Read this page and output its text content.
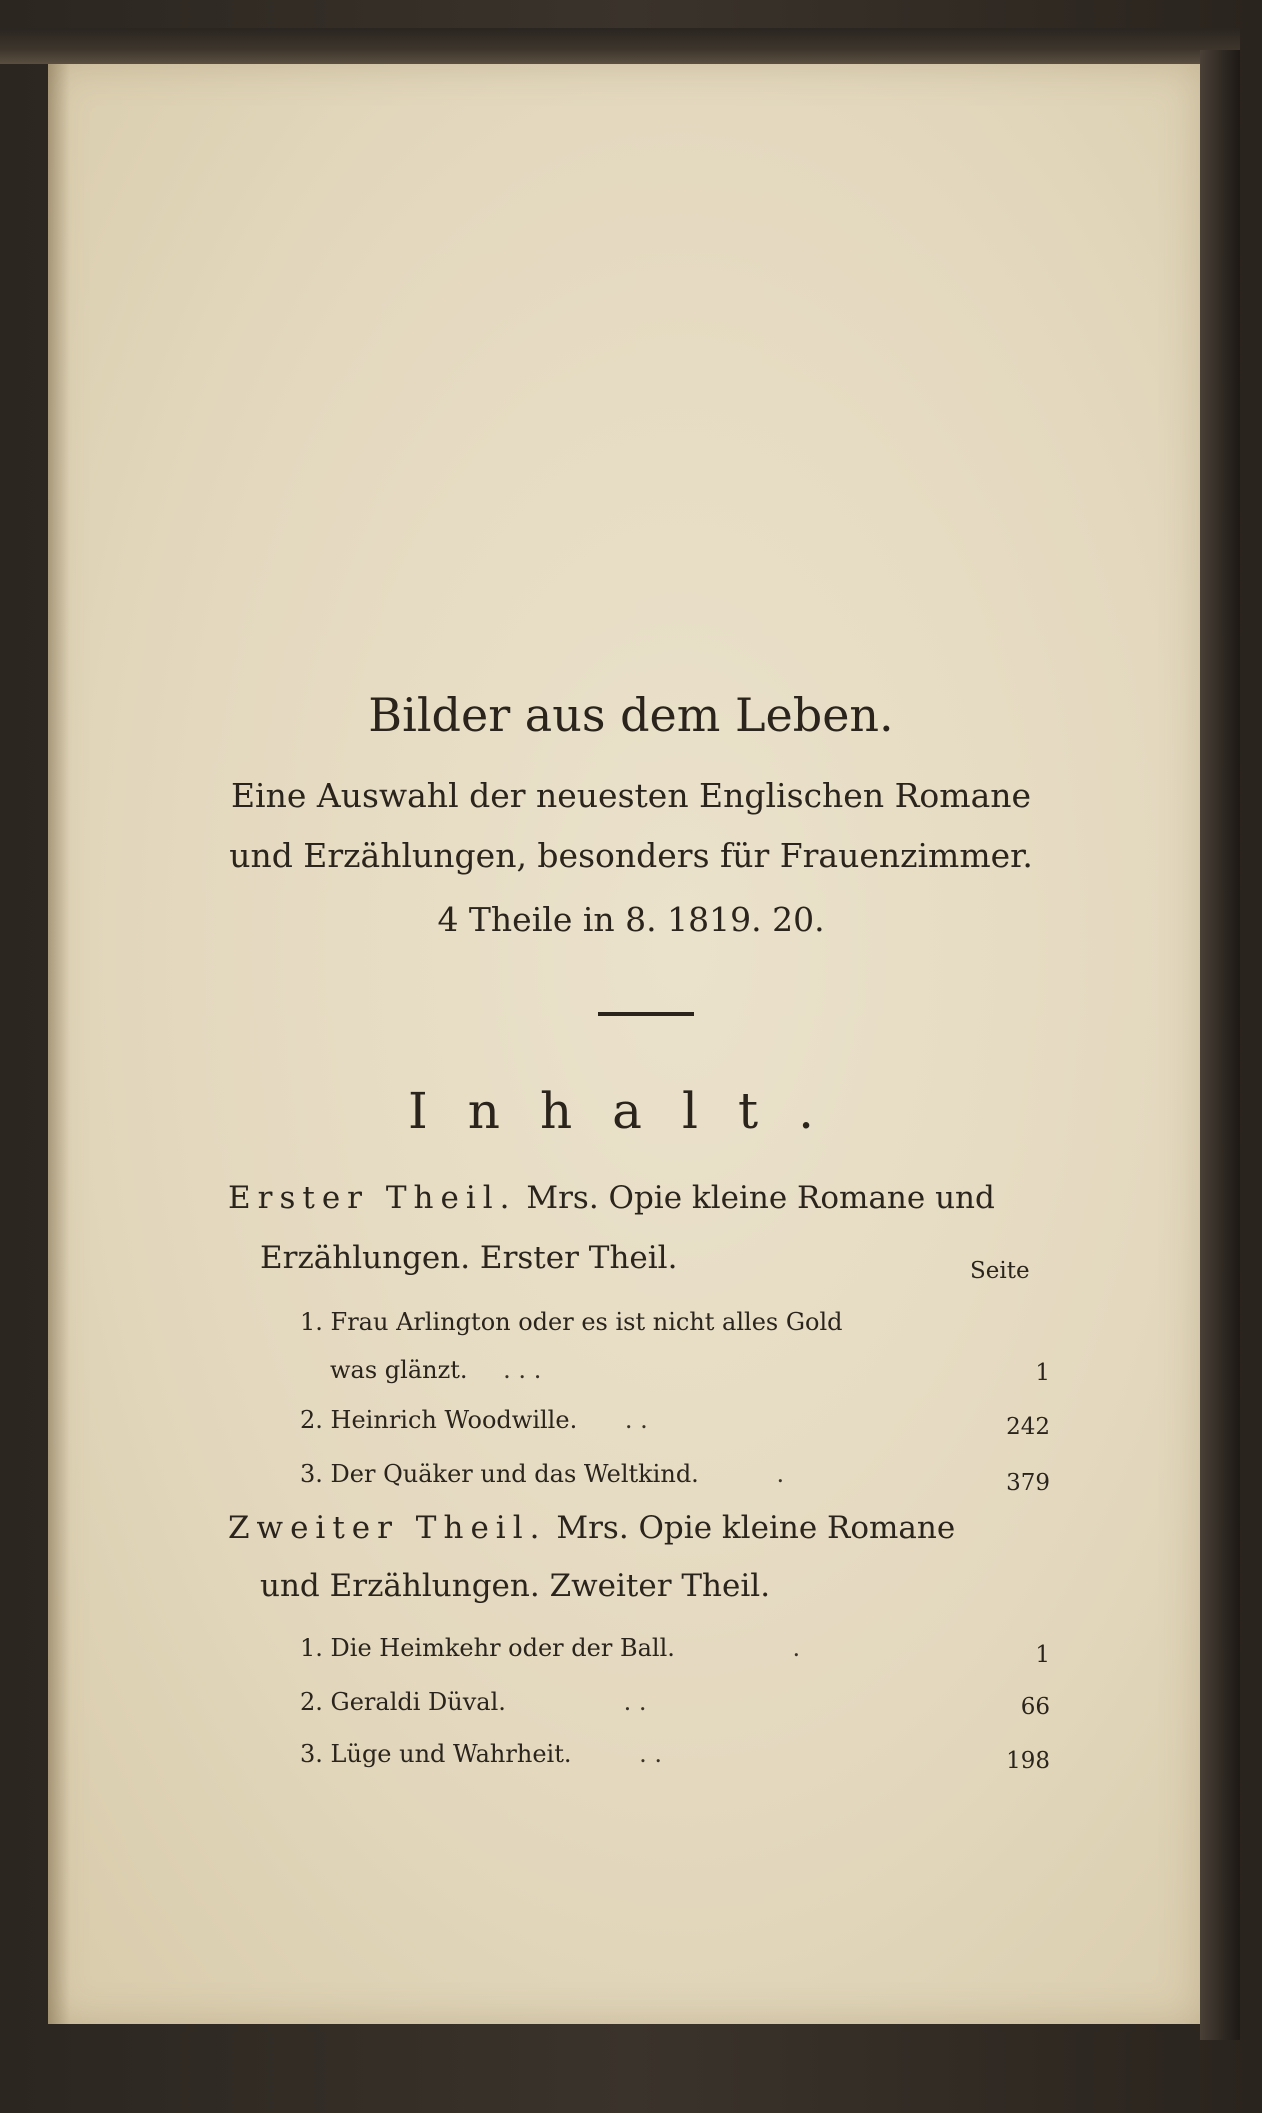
Bilder aus dem Leben.
Eine Auswahl der neuesten Englischen Romane
und Erzählungen, besonders für Frauenzimmer.
4 Theile in 8. 1819. 20.
Inhalt.
Erster Theil. Mrs. Opie kleine Romane und
Erzählungen. Erster Theil.	Seite
1. Frau Arlington oder es ist nicht alles Gold
was glänzt. . . .	1
2. Heinrich Woodwille. . .	242
3. Der Quäker und das Weltkind.	.	379
Zweiter Theil. Mrs. Opie kleine Romane
und Erzählungen. Zweiter Theil.
1. Die Heimkehr oder der Ball.	.	1
2. Geraldi Düval.	. .	66
3. Lüge und Wahrheit.	. .	198
